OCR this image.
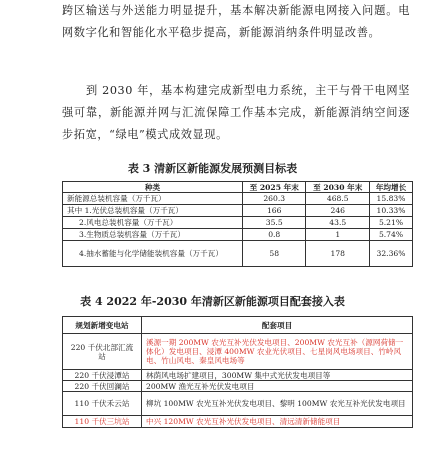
跨区输送与外送能力明显提升，基本解决新能源电网接入问题。电网数字化和智能化水平稳步提高，新能源消纳条件明显改善。

到 2030 年，基本构建完成新型电力系统，主干与骨干电网坚强可靠，新能源并网与汇流保障工作基本完成，新能源消纳空间逐步拓宽，“绿电”模式成效显现。

表 3 清新区新能源发展预测目标表

种类	至 2025 年末	至 2030 年末	年均增长
新能源总装机容量（万千瓦）	260.3	468.5	15.83%
其中 1.光伏总装机容量（万千瓦）	166	246	10.33%
2.风电总装机容量（万千瓦）	35.5	43.5	5.21%
3.生物质总装机容量（万千瓦）	0.8	1	5.74%
4.抽水蓄能与化学储能装机容量（万千瓦）	58	178	32.36%

表 4 2022 年-2030 年清新区新能源项目配套接入表

规划新增变电站	配套项目
220 千伏北部汇流站	溪源一期 200MW 农光互补光伏发电项目、200MW 农光互补（源网荷储一体化）发电项目、浸潭 400MW 农业光伏项目、七星岗风电场项目、竹岭风电、竹山风电、秦皇风电场等
220 千伏浸潭站	林荫风电场扩建项目，300MW 集中式光伏发电项目等
220 千伏回澜站	200MW 渔光互补光伏发电项目
110 千伏禾云站	柳坑 100MW 农光互补光伏发电项目、黎明 100MW 农光互补光伏发电项目
110 千伏三坑站	中兴 120MW 农光互补光伏发电项目、清远清新储能项目
